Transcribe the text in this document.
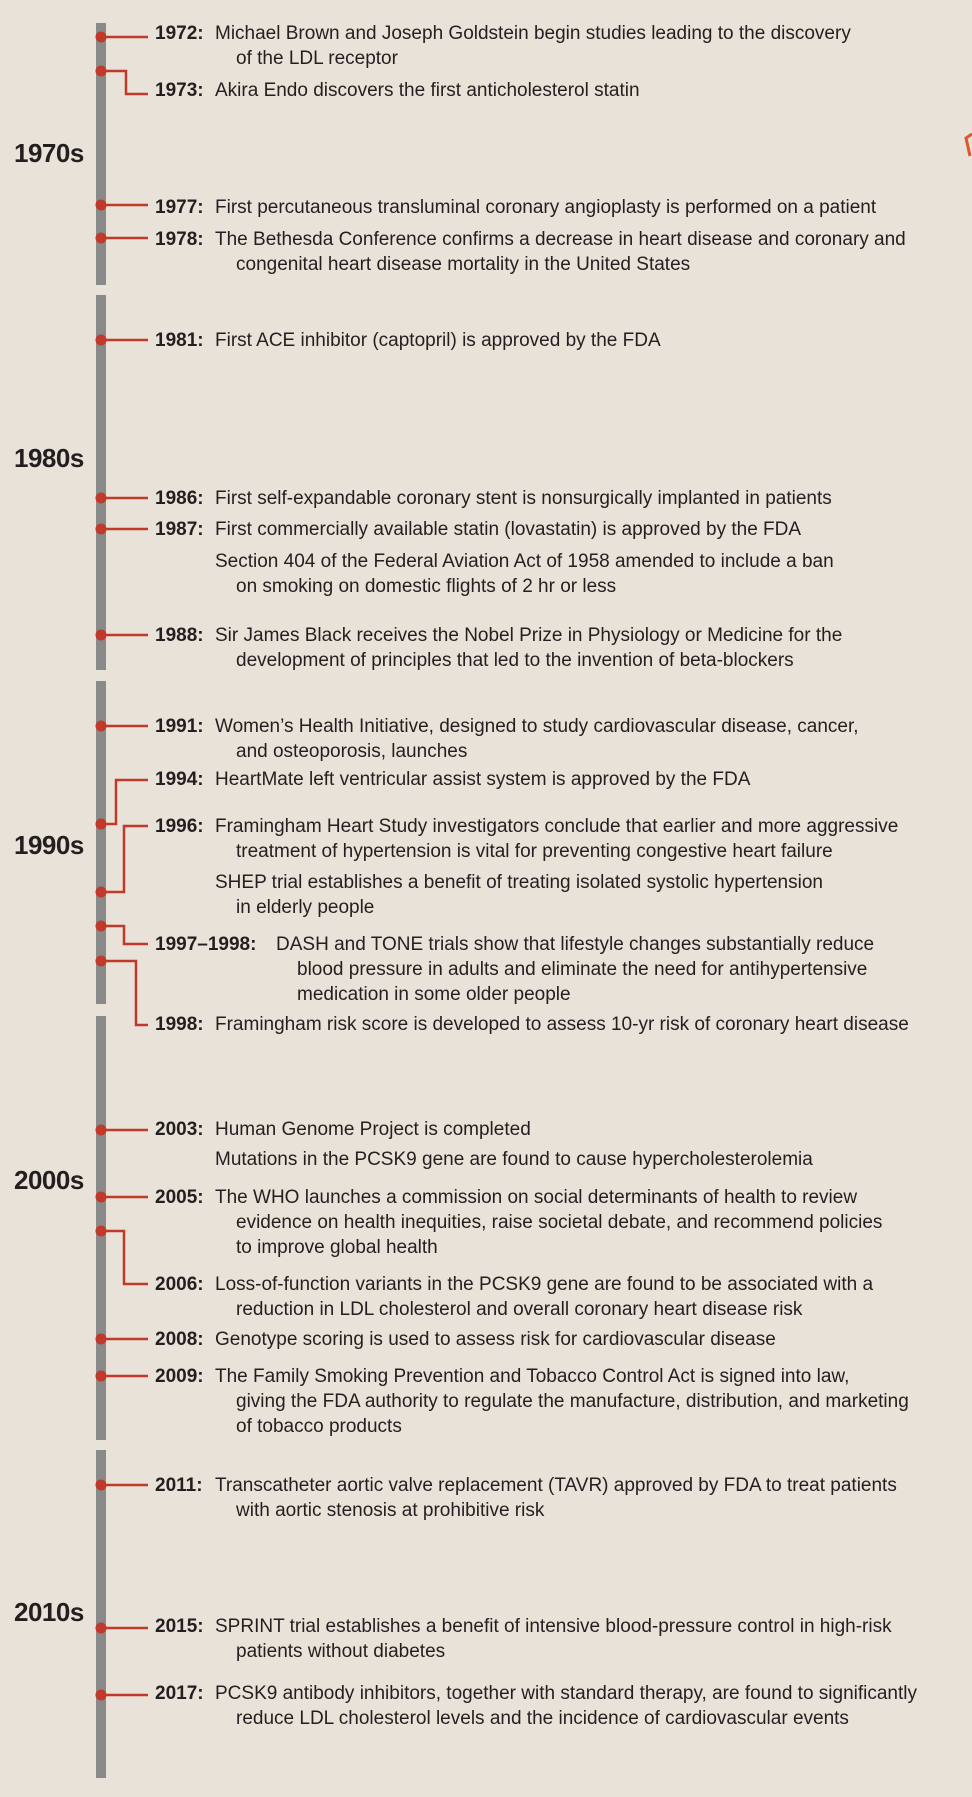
1970s
1980s
1990s
2000s
2010s
1972: Michael Brown and Joseph Goldstein begin studies leading to the discovery
of the LDL receptor
1973: Akira Endo discovers the first anticholesterol statin
1977: First percutaneous transluminal coronary angioplasty is performed on a patient
1978: The Bethesda Conference confirms a decrease in heart disease and coronary and
congenital heart disease mortality in the United States
1981: First ACE inhibitor (captopril) is approved by the FDA
1986: First self-expandable coronary stent is nonsurgically implanted in patients
1987: First commercially available statin (lovastatin) is approved by the FDA
Section 404 of the Federal Aviation Act of 1958 amended to include a ban
on smoking on domestic flights of 2 hr or less
1988: Sir James Black receives the Nobel Prize in Physiology or Medicine for the
development of principles that led to the invention of beta-blockers
1991: Women’s Health Initiative, designed to study cardiovascular disease, cancer,
and osteoporosis, launches
1994: HeartMate left ventricular assist system is approved by the FDA
1996: Framingham Heart Study investigators conclude that earlier and more aggressive
treatment of hypertension is vital for preventing congestive heart failure
SHEP trial establishes a benefit of treating isolated systolic hypertension
in elderly people
1997–1998: DASH and TONE trials show that lifestyle changes substantially reduce
blood pressure in adults and eliminate the need for antihypertensive
medication in some older people
1998: Framingham risk score is developed to assess 10-yr risk of coronary heart disease
2003: Human Genome Project is completed
Mutations in the PCSK9 gene are found to cause hypercholesterolemia
2005: The WHO launches a commission on social determinants of health to review
evidence on health inequities, raise societal debate, and recommend policies
to improve global health
2006: Loss-of-function variants in the PCSK9 gene are found to be associated with a
reduction in LDL cholesterol and overall coronary heart disease risk
2008: Genotype scoring is used to assess risk for cardiovascular disease
2009: The Family Smoking Prevention and Tobacco Control Act is signed into law,
giving the FDA authority to regulate the manufacture, distribution, and marketing
of tobacco products
2011: Transcatheter aortic valve replacement (TAVR) approved by FDA to treat patients
with aortic stenosis at prohibitive risk
2015: SPRINT trial establishes a benefit of intensive blood-pressure control in high-risk
patients without diabetes
2017: PCSK9 antibody inhibitors, together with standard therapy, are found to significantly
reduce LDL cholesterol levels and the incidence of cardiovascular events
